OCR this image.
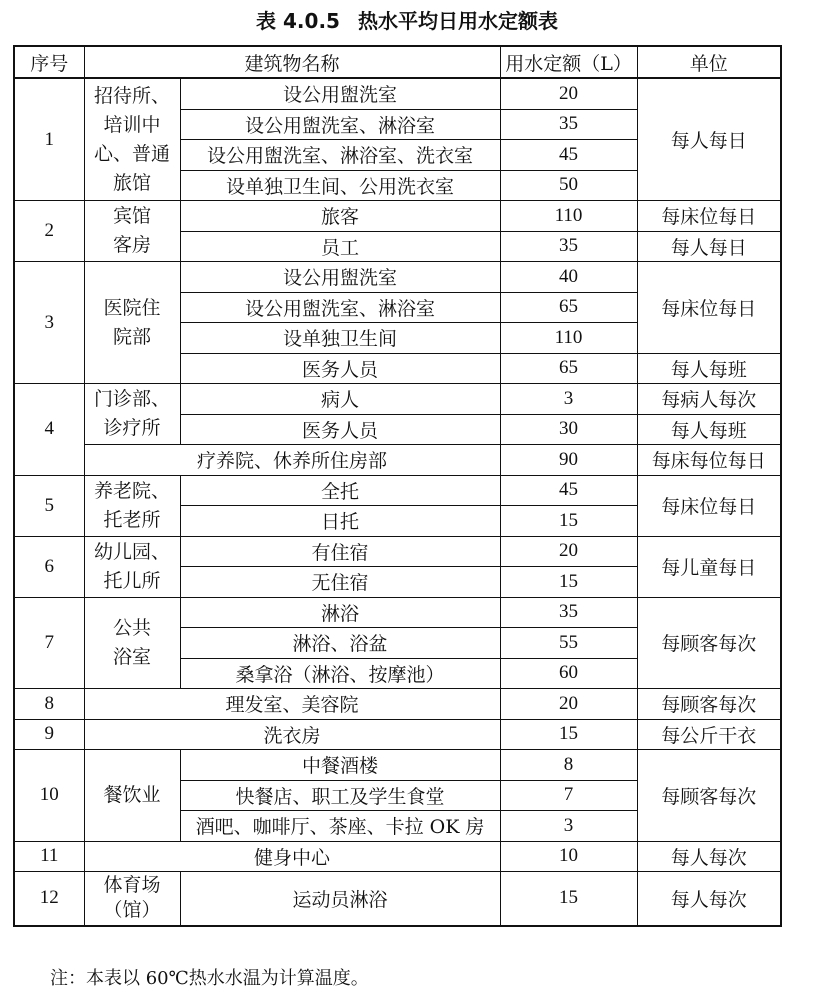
表 4.0.5 热水平均日用水定额表
序号	建筑物名称		用水定额（L）	单位
1	招待所、
培训中
心、普通
旅馆	设公用盥洗室	20	每人每日
		设公用盥洗室、淋浴室	35	
		设公用盥洗室、淋浴室、洗衣室	45	
		设单独卫生间、公用洗衣室	50	
2	宾馆
客房	旅客	110	每床位每日
		员工	35	每人每日
3	医院住
院部	设公用盥洗室	40	每床位每日
		设公用盥洗室、淋浴室	65	
		设单独卫生间	110	
		医务人员	65	每人每班
4	门诊部、
诊疗所	病人	3	每病人每次
		医务人员	30	每人每班
	疗养院、休养所住房部		90	每床每位每日
5	养老院、
托老所	全托	45	每床位每日
		日托	15	
6	幼儿园、
托儿所	有住宿	20	每儿童每日
		无住宿	15	
7	公共
浴室	淋浴	35	每顾客每次
		淋浴、浴盆	55	
		桑拿浴（淋浴、按摩池）	60	
8	理发室、美容院		20	每顾客每次
9	洗衣房		15	每公斤干衣
10	餐饮业	中餐酒楼	8	每顾客每次
		快餐店、职工及学生食堂	7	
		酒吧、咖啡厅、茶座、卡拉 OK 房	3	
11	健身中心		10	每人每次
12	体育场
（馆）	运动员淋浴	15	每人每次
注：本表以 60℃热水水温为计算温度。
